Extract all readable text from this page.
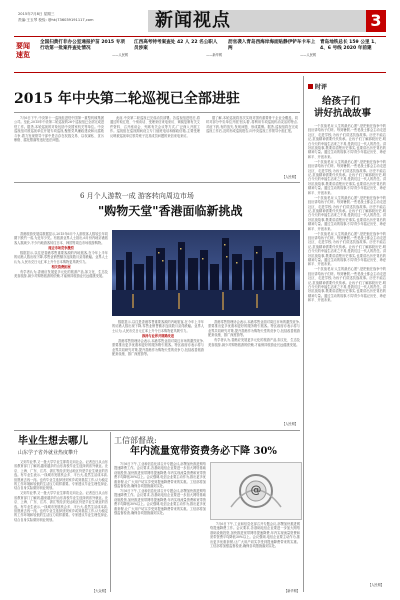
2015年7月8日 星期三
责编:王玉琴 校验: @hk(736039191117,com	新闻视点	3
要闻
速览
全国扫黄打非办公室通报护苗 2015 专项行动第一批案件查处情况
——人民网
江西高考特考案查处 42 人 22 名公职人员涉案
——新华网
沥官袭入青岛西海岸海面贴静伊铲车卡车上两
——人民网
青岛地铁总长 159 公里 1、4、6 号线 2020 年前建
2015 年中央第二轮巡视已全部进驻

7月6日下午,中央第十一巡视组进驻中国第一重型机械集团公司。至此,2015年中央第二轮巡视的26个巡视组已全部完成进驻工作。据悉,本轮巡视的对象包括中央国家机关等单位。中央巡视组对被巡视单位开展专项巡视,聚焦党风廉政建设和反腐败斗争,着力发现领导干部中是否存在权钱交易、以权谋私、贪污贿赂、腐化堕落等违纪违法问题。

此前,中央第二轮巡视已完成动员部署。各巡视组进驻后,将通过听取汇报、个别谈话、受理来信来电来访、调阅复制有关文件资料、召开座谈会、列席有关会议等方式,广泛深入开展工作。巡视组在巡视期间设立专门值班电话和邮政信箱,主要受理反映被巡视单位领导班子及其成员问题的来信来电来访。

据了解,本轮巡视将首次实现对国有重要骨干企业全覆盖。同时对部分中央单位开展'回头看',将利用专项巡视机动灵活的特点,对症下药,有的放矢,发现问题、形成震慑。据悉,巡视组将在完成巡视工作后,及时形成巡视报告,向中央巡视工作领导小组汇报。

【人民网】
6 月个人游数一成 游客转向周边市场
"购物天堂"香港面临新挑战

香港旅游发展局数据显示,2015年6月个人游旅客人数较去年同期下跌约一成,为近年少见。有旅游业界人士指出,6月份内地访港旅客人数减少,不少内地游客转往日本、韩国等周边市场旅游购物。

周边市场竞争激烈

数据显示,以往是香港零售重要客源的内地旅客,在今年上半年的访港人数出现下降,零售业销售额亦连续数月录得跌幅。业界人士认为,人民币兑日元汇率上升令日本购物更具吸引力。

相关消费拓展

有学者认为,香港应发展更多元化的旅游产品,如文化、生态及美食旅游,减少对购物旅游的依赖,才能保持旅游业长远健康发展。

数据显示,以往是香港零售重要客源的内地旅客,在今年上半年的访港人数出现下降,零售业销售额亦连续数月录得跌幅。业界人士认为,人民币兑日元汇率上升令日本购物更具吸引力。

推持与业界共谋路改进

香港零售管理协会表示,本港零售业面对周边市场的激烈竞争,需要推出更多优惠和更好的服务吸引旅客。特区政府亦表示将与业界共同研究对策,提升香港作为购物天堂的竞争力,包括改善旅游配套设施、推广深度游等。

香港零售管理协会表示,本港零售业面对周边市场的激烈竞争,需要推出更多优惠和更好的服务吸引旅客。特区政府亦表示将与业界共同研究对策,提升香港作为购物天堂的竞争力,包括改善旅游配套设施、推广深度游等。

有学者认为,香港应发展更多元化的旅游产品,如文化、生态及美食旅游,减少对购物旅游的依赖,才能保持旅游业长远健康发展。

【人民网】
毕业生想去哪儿
山东学子省外就业热度攀升

又到毕业季,又一批大学毕业生即将走向社会。记者近日从山东省教育部门了解到,越来越多的山东高校毕业生选择到省外就业。北京、上海、广东、江苏、浙江等经济发达地区仍是毕业生就业的首选。有毕业生表示,一线城市发展机会多、平台大,虽然生活成本高,但愿意去闯一闯。也有毕业生选择回到家乡或到基层工作,认为稳定的工作环境和较低的生活压力同样重要。专家建议毕业生理性择业,结合自身实际做好职业规划。

又到毕业季,又一批大学毕业生即将走向社会。记者近日从山东省教育部门了解到,越来越多的山东高校毕业生选择到省外就业。北京、上海、广东、江苏、浙江等经济发达地区仍是毕业生就业的首选。有毕业生表示,一线城市发展机会多、平台大,虽然生活成本高,但愿意去闯一闯。也有毕业生选择回到家乡或到基层工作,认为稳定的工作环境和较低的生活压力同样重要。专家建议毕业生理性择业,结合自身实际做好职业规划。

【大众网】
工信部督战:
年内流量宽带资费务必下降 30%

7月6日下午,工业和信息化部召开专题会议,部署加快推进网络提速降费工作。会议要求,各基础电信企业要进一步加大网络基础设施投资,加快推进宽带网络提速降费,年内实现流量资费和宽带资费平均降低30%以上。会议强调,电信企业要主动作为,推出更多优惠套餐,让广大用户切实享受到提速降费带来的实惠。工信部将加强监督检查,确保各项措施落到实处。

7月6日下午,工业和信息化部召开专题会议,部署加快推进网络提速降费工作。会议要求,各基础电信企业要进一步加大网络基础设施投资,加快推进宽带网络提速降费,年内实现流量资费和宽带资费平均降低30%以上。会议强调,电信企业要主动作为,推出更多优惠套餐,让广大用户切实享受到提速降费带来的实惠。工信部将加强监督检查,确保各项措施落到实处。

@

7月6日下午,工业和信息化部召开专题会议,部署加快推进网络提速降费工作。会议要求,各基础电信企业要进一步加大网络基础设施投资,加快推进宽带网络提速降费,年内实现流量资费和宽带资费平均降低30%以上。会议强调,电信企业要主动作为,推出更多优惠套餐,让广大用户切实享受到提速降费带来的实惠。工信部将加强监督检查,确保各项措施落到实处。

【新华网】
时评
给孩子们
讲好抗战故事

一个抗战老兵'人生的最后心愿'',是把他在战争中的经历讲给孩子们听。每到暑假,一些老战士都会主动走进社区、走进学校,为孩子们讲述抗战故事。历史不能忘记,抗战精神需要代代传承。让孩子们了解那段历史,明白今天的幸福生活来之不易,是我们这一代人的责任。讲好抗战故事,既要讲清楚历史事实,也要讲出历史背后的精神力量。通过生动的故事,引导青少年铭记历史、珍爱和平、开创未来。

一个抗战老兵'人生的最后心愿'',是把他在战争中的经历讲给孩子们听。每到暑假,一些老战士都会主动走进社区、走进学校,为孩子们讲述抗战故事。历史不能忘记,抗战精神需要代代传承。让孩子们了解那段历史,明白今天的幸福生活来之不易,是我们这一代人的责任。讲好抗战故事,既要讲清楚历史事实,也要讲出历史背后的精神力量。通过生动的故事,引导青少年铭记历史、珍爱和平、开创未来。

一个抗战老兵'人生的最后心愿'',是把他在战争中的经历讲给孩子们听。每到暑假,一些老战士都会主动走进社区、走进学校,为孩子们讲述抗战故事。历史不能忘记,抗战精神需要代代传承。让孩子们了解那段历史,明白今天的幸福生活来之不易,是我们这一代人的责任。讲好抗战故事,既要讲清楚历史事实,也要讲出历史背后的精神力量。通过生动的故事,引导青少年铭记历史、珍爱和平、开创未来。

一个抗战老兵'人生的最后心愿'',是把他在战争中的经历讲给孩子们听。每到暑假,一些老战士都会主动走进社区、走进学校,为孩子们讲述抗战故事。历史不能忘记,抗战精神需要代代传承。让孩子们了解那段历史,明白今天的幸福生活来之不易,是我们这一代人的责任。讲好抗战故事,既要讲清楚历史事实,也要讲出历史背后的精神力量。通过生动的故事,引导青少年铭记历史、珍爱和平、开创未来。

一个抗战老兵'人生的最后心愿'',是把他在战争中的经历讲给孩子们听。每到暑假,一些老战士都会主动走进社区、走进学校,为孩子们讲述抗战故事。历史不能忘记,抗战精神需要代代传承。让孩子们了解那段历史,明白今天的幸福生活来之不易,是我们这一代人的责任。讲好抗战故事,既要讲清楚历史事实,也要讲出历史背后的精神力量。通过生动的故事,引导青少年铭记历史、珍爱和平、开创未来。

【人民网】
